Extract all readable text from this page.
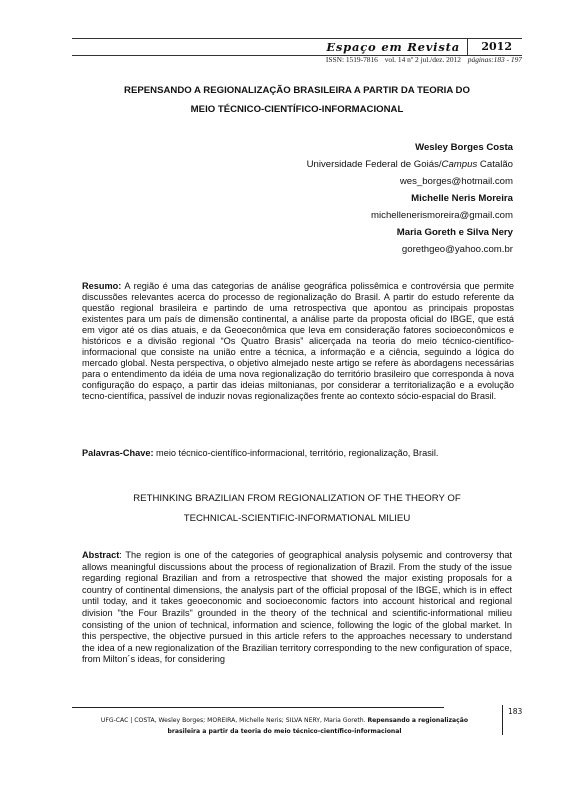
Espaço em Revista 2012
ISSN: 1519-7816 vol. 14 nº 2 jul./dez. 2012 páginas:183 - 197
REPENSANDO A REGIONALIZAÇÃO BRASILEIRA A PARTIR DA TEORIA DO
MEIO TÉCNICO-CIENTÍFICO-INFORMACIONAL
Wesley Borges Costa
Universidade Federal de Goiás/Campus Catalão
wes_borges@hotmail.com
Michelle Neris Moreira
michellenerismoreira@gmail.com
Maria Goreth e Silva Nery
gorethgeo@yahoo.com.br
Resumo: A região é uma das categorias de análise geográfica polissêmica e controvérsia que permite discussões relevantes acerca do processo de regionalização do Brasil. A partir do estudo referente da questão regional brasileira e partindo de uma retrospectiva que apontou as principais propostas existentes para um país de dimensão continental, a análise parte da proposta oficial do IBGE, que está em vigor até os dias atuais, e da Geoeconômica que leva em consideração fatores socioeconômicos e históricos e a divisão regional “Os Quatro Brasis” alicerçada na teoria do meio técnico-científico-informacional que consiste na união entre a técnica, a informação e a ciência, seguindo a lógica do mercado global. Nesta perspectiva, o objetivo almejado neste artigo se refere às abordagens necessárias para o entendimento da idéia de uma nova regionalização do território brasileiro que corresponda à nova configuração do espaço, a partir das ideias miltonianas, por considerar a territorialização e a evolução tecno-científica, passível de induzir novas regionalizações frente ao contexto sócio-espacial do Brasil.
Palavras-Chave: meio técnico-científico-informacional, território, regionalização, Brasil.
RETHINKING BRAZILIAN FROM REGIONALIZATION OF THE THEORY OF
TECHNICAL-SCIENTIFIC-INFORMATIONAL MILIEU
Abstract: The region is one of the categories of geographical analysis polysemic and controversy that allows meaningful discussions about the process of regionalization of Brazil. From the study of the issue regarding regional Brazilian and from a retrospective that showed the major existing proposals for a country of continental dimensions, the analysis part of the official proposal of the IBGE, which is in effect until today, and it takes geoeconomic and socioeconomic factors into account historical and regional division "the Four Brazils" grounded in the theory of the technical and scientific-informational milieu consisting of the union of technical, information and science, following the logic of the global market. In this perspective, the objective pursued in this article refers to the approaches necessary to understand the idea of a new regionalization of the Brazilian territory corresponding to the new configuration of space, from Milton´s ideas, for considering
183
UFG-CAC | COSTA, Wesley Borges; MOREIRA, Michelle Neris; SILVA NERY, Maria Goreth. Repensando a regionalização
brasileira a partir da teoria do meio técnico-científico-informacional
